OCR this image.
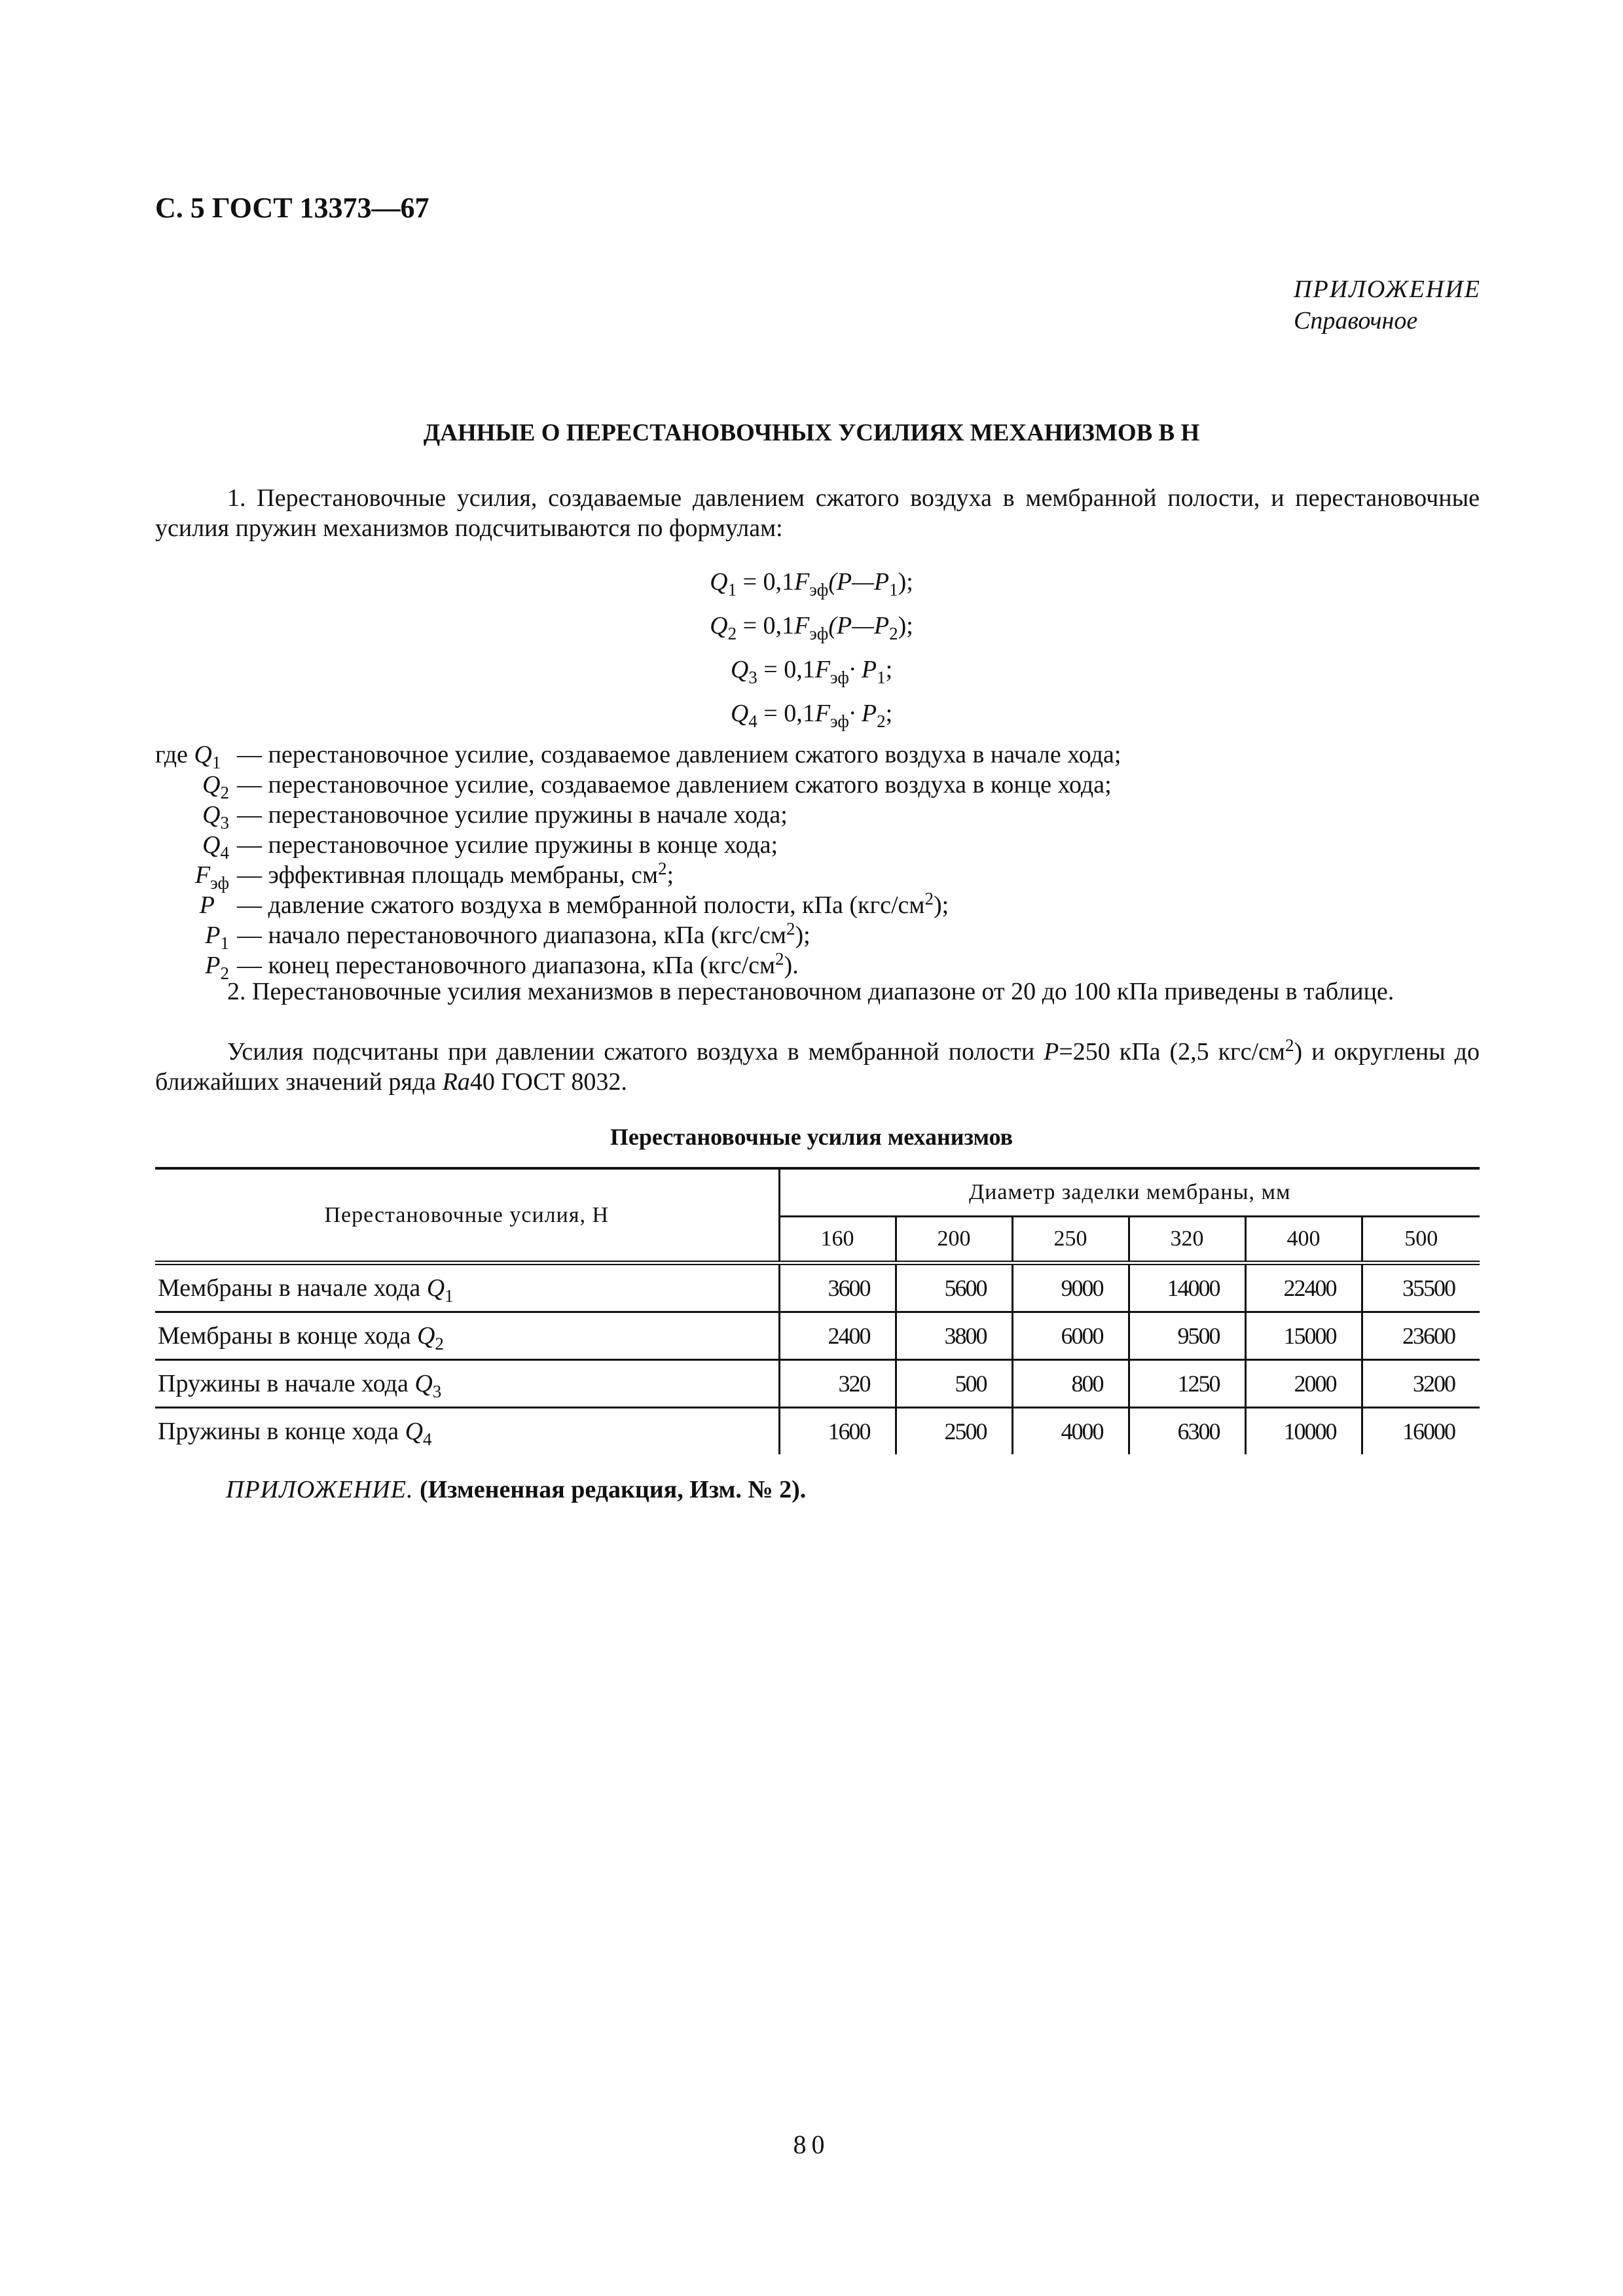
С. 5 ГОСТ 13373—67
ПРИЛОЖЕНИЕ
Справочное
ДАННЫЕ О ПЕРЕСТАНОВОЧНЫХ УСИЛИЯХ МЕХАНИЗМОВ В Н
1. Перестановочные усилия, создаваемые давлением сжатого воздуха в мембранной полости, и перестановочные усилия пружин механизмов подсчитываются по формулам:
$Q_1$ = $0,1F_{эф}(P—P_1)$;
$Q_2$ = $0,1F_{эф}(P—P_2)$;
$Q_3 = 0,1F_{эф}\cdot P_1$;
$Q_4 = 0,1F_{эф}\cdot P_2$;
где $Q_1$ — перестановочное усилие, создаваемое давлением сжатого воздуха в начале хода;
$Q_2$ — перестановочное усилие, создаваемое давлением сжатого воздуха в конце хода;
$Q_3$ — перестановочное усилие пружины в начале хода;
$Q_4$ — перестановочное усилие пружины в конце хода;
$F_{эф}$ — эффективная площадь мембраны, $см^2$;
P — давление сжатого воздуха в мембранной полости, кПа $(кгс/см^2)$;
$P_1$ — начало перестановочного диапазона, кПа $(кгс/см^2)$;
$P_2$ — конец перестановочного диапазона, кПа $(кгс/см^2)$.
2. Перестановочные усилия механизмов в перестановочном диапазоне от 20 до 100 кПа приведены в таблице.
Усилия подсчитаны при давлении сжатого воздуха в мембранной полости P=250 кПа (2,5 кгс/$см^2$) и округлены до ближайших значений ряда Ra40 ГОСТ 8032.
Перестановочные усилия механизмов
Перестановочные усилия, Н	Диаметр заделки мембраны, мм					
	160	200	250	320	400	500
Мембраны в начале хода $Q_1$	3600	5600	9000	14000	22400	35500
Мембраны в конце хода $Q_2$	2400	3800	6000	9500	15000	23600
Пружины в начале хода $Q_3$	320	500	800	1250	2000	3200
Пружины в конце хода $Q_4$	1600	2500	4000	6300	10000	16000
ПРИЛОЖЕНИЕ. (Измененная редакция, Изм. № 2).
80
